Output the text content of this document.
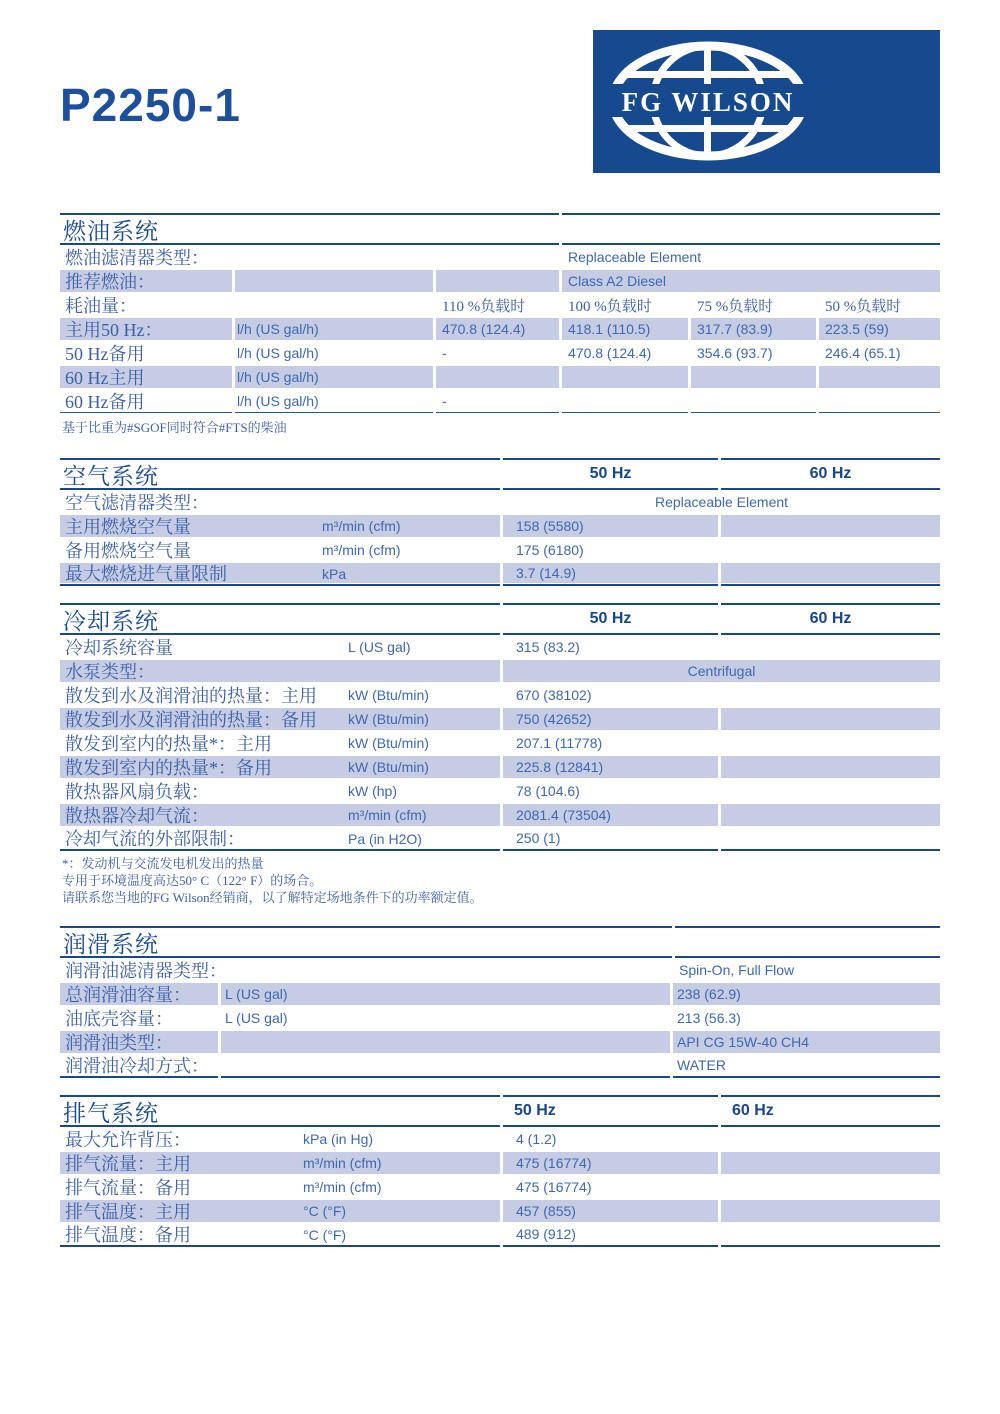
P2250-1	FG WILSON
燃油系统
燃油滤清器类型：	Replaceable Element
推荐燃油：	Class A2 Diesel
耗油量：	110 %负载时	100 %负载时	75 %负载时	50 %负载时
主用50 Hz：	l/h (US gal/h)	470.8 (124.4)	418.1 (110.5)	317.7 (83.9)	223.5 (59)
50 Hz备用	l/h (US gal/h)	-	470.8 (124.4)	354.6 (93.7)	246.4 (65.1)
60 Hz主用	l/h (US gal/h)
60 Hz备用	l/h (US gal/h)	-
基于比重为#SGOF同时符合#FTS的柴油
空气系统	50 Hz	60 Hz
空气滤清器类型：	Replaceable Element
主用燃烧空气量	m³/min (cfm)	158 (5580)
备用燃烧空气量	m³/min (cfm)	175 (6180)
最大燃烧进气量限制	kPa	3.7 (14.9)
冷却系统	50 Hz	60 Hz
冷却系统容量	L (US gal)	315 (83.2)
水泵类型：	Centrifugal
散发到水及润滑油的热量：主用 kW (Btu/min)	670 (38102)
散发到水及润滑油的热量：备用 kW (Btu/min)	750 (42652)
散发到室内的热量*：主用	kW (Btu/min)	207.1 (11778)
散发到室内的热量*：备用	kW (Btu/min)	225.8 (12841)
散热器风扇负载：	kW (hp)	78 (104.6)
散热器冷却气流：	m³/min (cfm)	2081.4 (73504)
冷却气流的外部限制：	Pa (in H2O)	250 (1)
*：发动机与交流发电机发出的热量
专用于环境温度高达50° C（122° F）的场合。
请联系您当地的FG Wilson经销商，以了解特定场地条件下的功率额定值。
润滑系统
润滑油滤清器类型：	Spin-On, Full Flow
总润滑油容量：	L (US gal)	238 (62.9)
油底壳容量：	L (US gal)	213 (56.3)
润滑油类型：	API CG 15W-40 CH4
润滑油冷却方式：	WATER
排气系统	50 Hz	60 Hz
最大允许背压：	kPa (in Hg)	4 (1.2)
排气流量：主用	m³/min (cfm)	475 (16774)
排气流量：备用	m³/min (cfm)	475 (16774)
排气温度：主用	°C (°F)	457 (855)
排气温度：备用	°C (°F)	489 (912)
